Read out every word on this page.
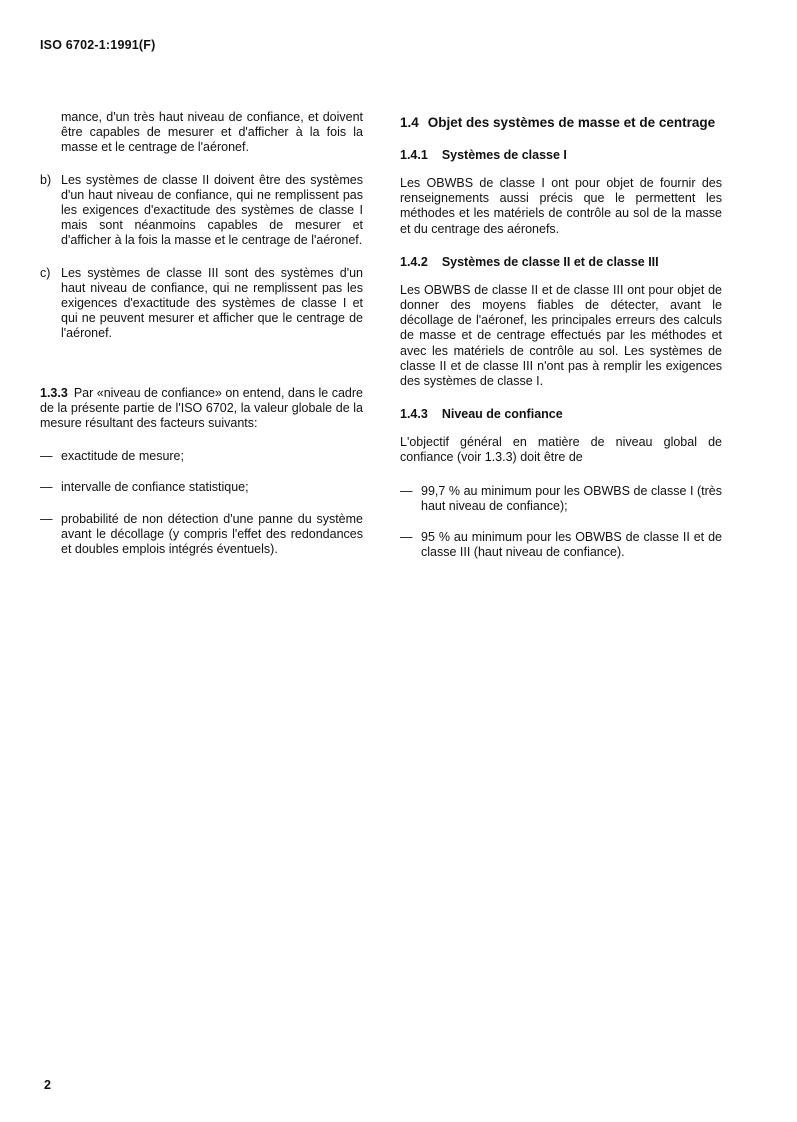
ISO 6702-1:1991(F)

mance, d'un très haut niveau de confiance, et doivent être capables de mesurer et d'afficher à la fois la masse et le centrage de l'aéronef.

b) Les systèmes de classe II doivent être des systèmes d'un haut niveau de confiance, qui ne remplissent pas les exigences d'exactitude des systèmes de classe I mais sont néanmoins capables de mesurer et d'afficher à la fois la masse et le centrage de l'aéronef.

c) Les systèmes de classe III sont des systèmes d'un haut niveau de confiance, qui ne remplissent pas les exigences d'exactitude des systèmes de classe I et qui ne peuvent mesurer et afficher que le centrage de l'aéronef.

1.3.3 Par «niveau de confiance» on entend, dans le cadre de la présente partie de l'ISO 6702, la valeur globale de la mesure résultant des facteurs suivants:

— exactitude de mesure;

— intervalle de confiance statistique;

— probabilité de non détection d'une panne du système avant le décollage (y compris l'effet des redondances et doubles emplois intégrés éventuels).

1.4 Objet des systèmes de masse et de centrage
1.4.1 Systèmes de classe I

Les OBWBS de classe I ont pour objet de fournir des renseignements aussi précis que le permettent les méthodes et les matériels de contrôle au sol de la masse et du centrage des aéronefs.

1.4.2 Systèmes de classe II et de classe III

Les OBWBS de classe II et de classe III ont pour objet de donner des moyens fiables de détecter, avant le décollage de l'aéronef, les principales erreurs des calculs de masse et de centrage effectués par les méthodes et avec les matériels de contrôle au sol. Les systèmes de classe II et de classe III n'ont pas à remplir les exigences des systèmes de classe I.

1.4.3 Niveau de confiance

L'objectif général en matière de niveau global de confiance (voir 1.3.3) doit être de

— 99,7 % au minimum pour les OBWBS de classe I (très haut niveau de confiance);

— 95 % au minimum pour les OBWBS de classe II et de classe III (haut niveau de confiance).

2
